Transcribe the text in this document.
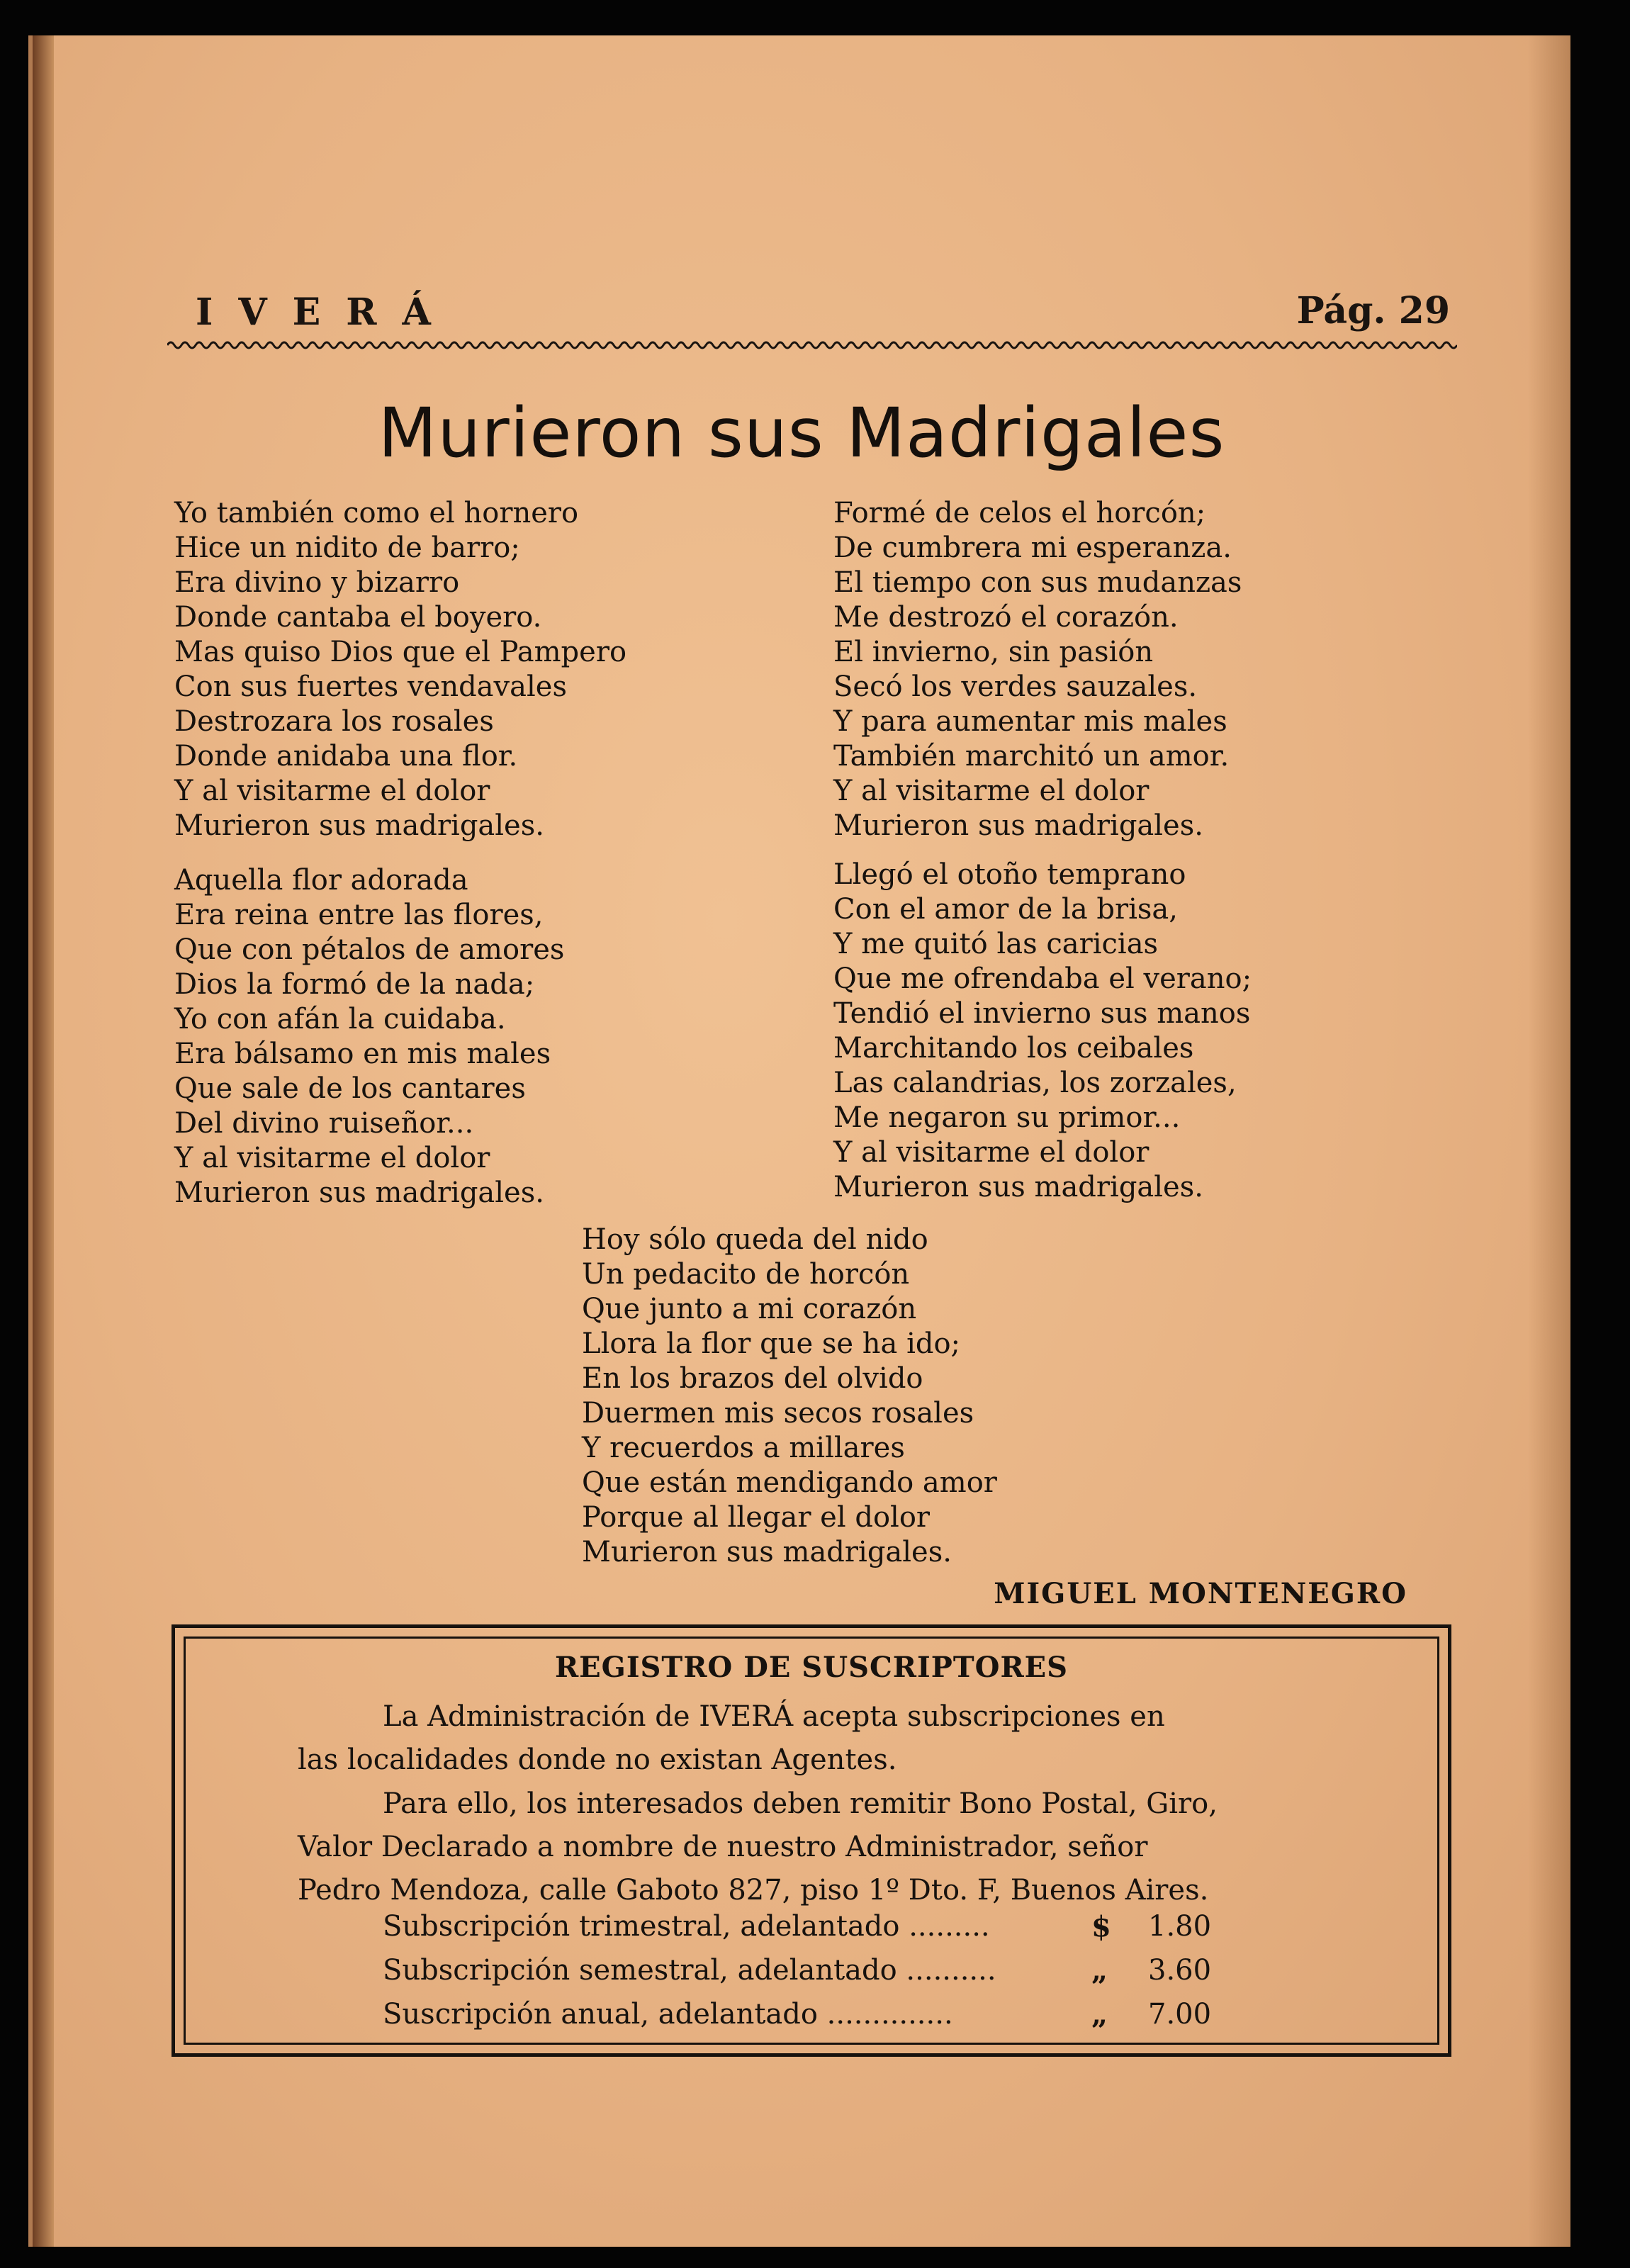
IVERÁ	Pág. 29
Murieron sus Madrigales
Yo también como el hornero
Hice un nidito de barro;
Era divino y bizarro
Donde cantaba el boyero.
Mas quiso Dios que el Pampero
Con sus fuertes vendavales
Destrozara los rosales
Donde anidaba una flor.
Y al visitarme el dolor
Murieron sus madrigales.
Aquella flor adorada
Era reina entre las flores,
Que con pétalos de amores
Dios la formó de la nada;
Yo con afán la cuidaba.
Era bálsamo en mis males
Que sale de los cantares
Del divino ruiseñor...
Y al visitarme el dolor
Murieron sus madrigales.
Formé de celos el horcón;
De cumbrera mi esperanza.
El tiempo con sus mudanzas
Me destrozó el corazón.
El invierno, sin pasión
Secó los verdes sauzales.
Y para aumentar mis males
También marchitó un amor.
Y al visitarme el dolor
Murieron sus madrigales.
Llegó el otoño temprano
Con el amor de la brisa,
Y me quitó las caricias
Que me ofrendaba el verano;
Tendió el invierno sus manos
Marchitando los ceibales
Las calandrias, los zorzales,
Me negaron su primor...
Y al visitarme el dolor
Murieron sus madrigales.
Hoy sólo queda del nido
Un pedacito de horcón
Que junto a mi corazón
Llora la flor que se ha ido;
En los brazos del olvido
Duermen mis secos rosales
Y recuerdos a millares
Que están mendigando amor
Porque al llegar el dolor
Murieron sus madrigales.
MIGUEL MONTENEGRO
REGISTRO DE SUSCRIPTORES
La Administración de IVERÁ acepta subscripciones en
las localidades donde no existan Agentes.
Para ello, los interesados deben remitir Bono Postal, Giro,
Valor Declarado a nombre de nuestro Administrador, señor
Pedro Mendoza, calle Gaboto 827, piso 1º Dto. F, Buenos Aires.
Subscripción trimestral, adelantado .........	$ 1.80
Subscripción semestral, adelantado ..........	„ 3.60
Suscripción anual, adelantado ..............	„ 7.00
